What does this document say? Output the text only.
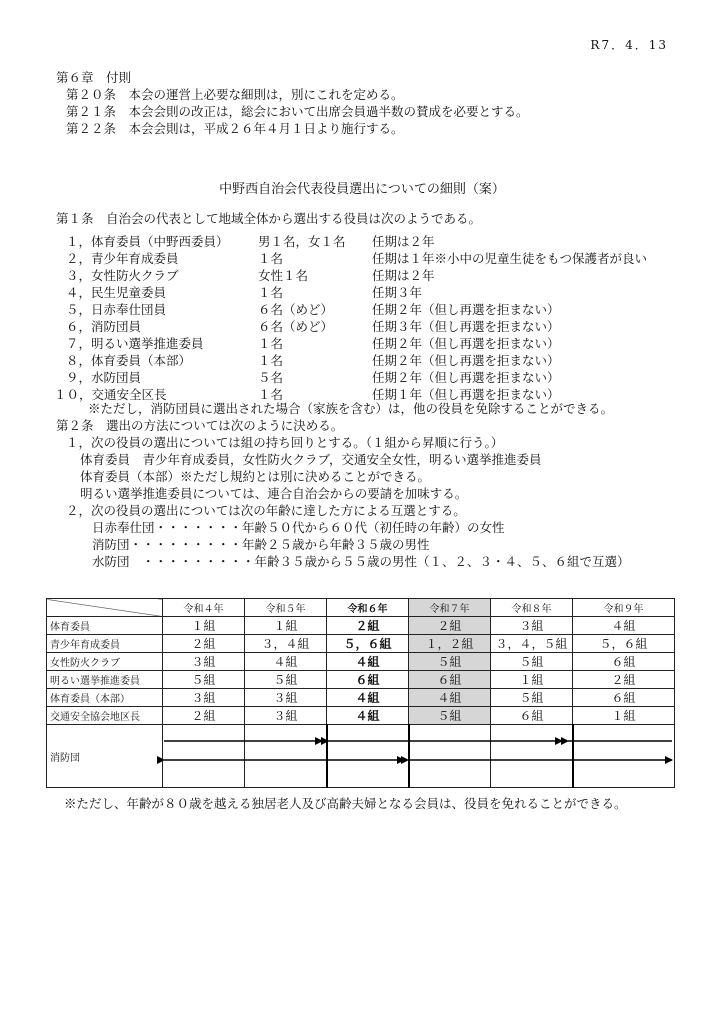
R7．4．13
第６章　付則
第２０条　本会の運営上必要な細則は，別にこれを定める。
第２１条　本会会則の改正は，総会において出席会員過半数の賛成を必要とする。
第２２条　本会会則は，平成２６年４月１日より施行する。
中野西自治会代表役員選出についての細則（案）
第１条　自治会の代表として地域全体から選出する役員は次のようである。
１，体育委員（中野西委員） 男１名，女１名 任期は２年
２，青少年育成委員	１名	任期は１年※小中の児童生徒をもつ保護者が良い
３，女性防火クラブ	女性１名	任期は２年
４，民生児童委員	１名	任期３年
５，日赤奉仕団員	６名（めど）	任期２年（但し再選を拒まない）
６，消防団員	６名（めど）	任期３年（但し再選を拒まない）
７，明るい選挙推進委員	１名	任期２年（但し再選を拒まない）
８，体育委員（本部）	１名	任期２年（但し再選を拒まない）
９，水防団員	５名	任期２年（但し再選を拒まない）
１０，交通安全区長	１名	任期１年（但し再選を拒まない）
※ただし，消防団員に選出された場合（家族を含む）は，他の役員を免除することができる。
第２条　選出の方法については次のように決める。
１，次の役員の選出については組の持ち回りとする。（１組から昇順に行う。）
体育委員　青少年育成委員，女性防火クラブ，交通安全女性，明るい選挙推進委員
体育委員（本部）※ただし規約とは別に決めることができる。
明るい選挙推進委員については、連合自治会からの要請を加味する。
２，次の役員の選出については次の年齢に達した方による互選とする。
日赤奉仕団・・・・・・・年齢５０代から６０代（初任時の年齢）の女性
消防団・・・・・・・・・年齢２５歳から年齢３５歳の男性
水防団　・・・・・・・・・年齢３５歳から５５歳の男性（１、２、３・４、５、６組で互選）
	令和４年	令和５年	令和６年	令和７年	令和８年	令和９年
体育委員	１組	１組	２組	２組	３組	４組
青少年育成委員	２組	３，４組	５，６組	１，２組	３，４，５組	５，６組
女性防火クラブ	３組	４組	４組	５組	５組	６組
明るい選挙推進委員	５組	５組	６組	６組	１組	２組
体育委員（本部）	３組	３組	４組	４組	５組	６組
交通安全協会地区長	２組	３組	４組	５組	６組	１組
消防団						
※ただし、年齢が８０歳を越える独居老人及び高齢夫婦となる会員は、役員を免れることができる。
